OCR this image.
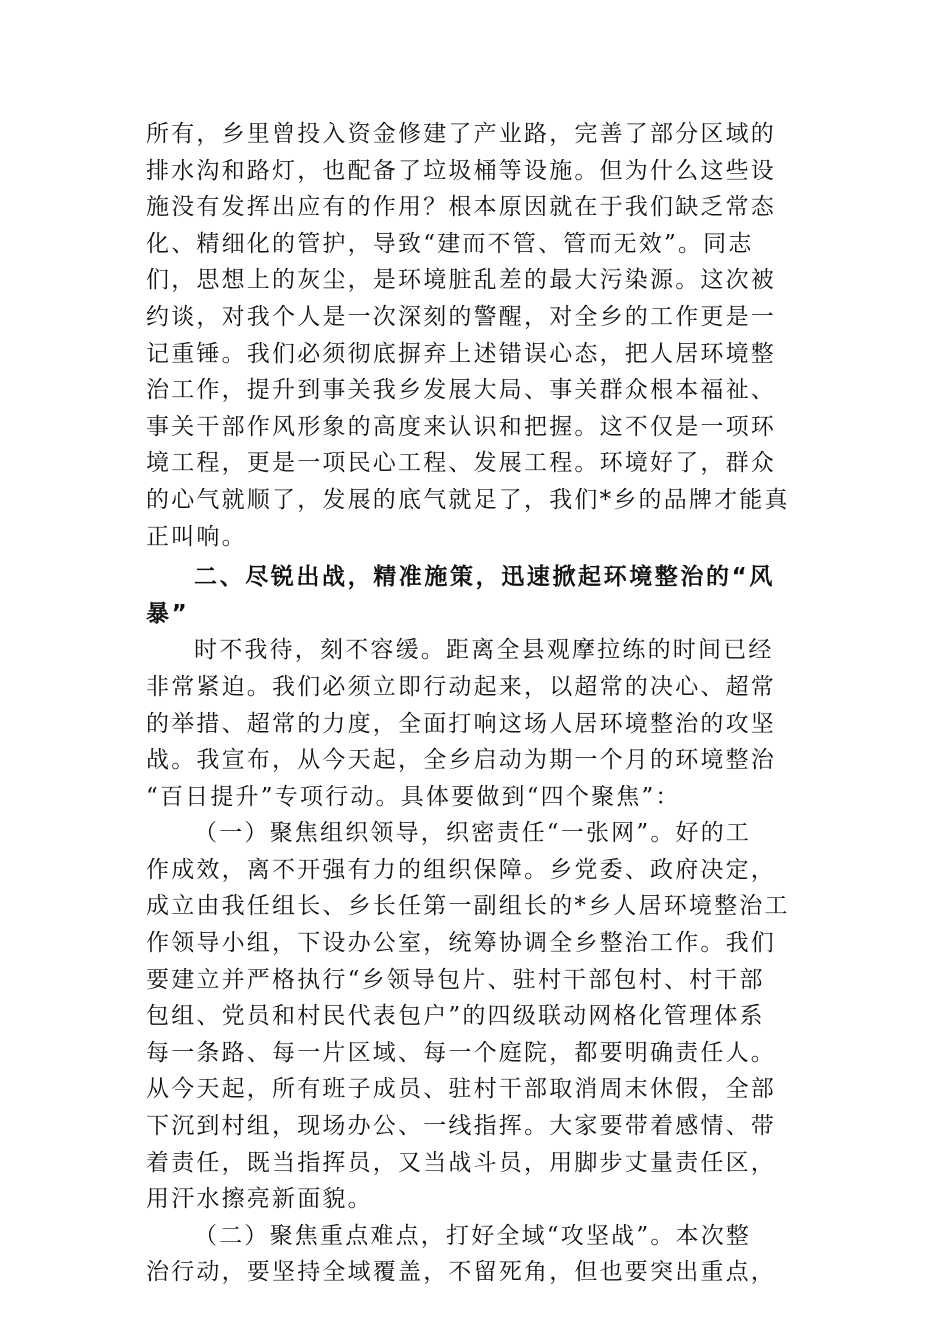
所有，乡里曾投入资金修建了产业路，完善了部分区域的
排水沟和路灯，也配备了垃圾桶等设施。但为什么这些设
施没有发挥出应有的作用？根本原因就在于我们缺乏常态
化、精细化的管护，导致“建而不管、管而无效”。同志
们，思想上的灰尘，是环境脏乱差的最大污染源。这次被
约谈，对我个人是一次深刻的警醒，对全乡的工作更是一
记重锤。我们必须彻底摒弃上述错误心态，把人居环境整
治工作，提升到事关我乡发展大局、事关群众根本福祉、
事关干部作风形象的高度来认识和把握。这不仅是一项环
境工程，更是一项民心工程、发展工程。环境好了，群众
的心气就顺了，发展的底气就足了，我们*乡的品牌才能真
正叫响。
二、尽锐出战，精准施策，迅速掀起环境整治的“风
暴”
时不我待，刻不容缓。距离全县观摩拉练的时间已经
非常紧迫。我们必须立即行动起来，以超常的决心、超常
的举措、超常的力度，全面打响这场人居环境整治的攻坚
战。我宣布，从今天起，全乡启动为期一个月的环境整治
“百日提升”专项行动。具体要做到“四个聚焦”：
（一）聚焦组织领导，织密责任“一张网”。好的工
作成效，离不开强有力的组织保障。乡党委、政府决定，
成立由我任组长、乡长任第一副组长的*乡人居环境整治工
作领导小组，下设办公室，统筹协调全乡整治工作。我们
要建立并严格执行“乡领导包片、驻村干部包村、村干部
包组、党员和村民代表包户”的四级联动网格化管理体系
每一条路、每一片区域、每一个庭院，都要明确责任人。
从今天起，所有班子成员、驻村干部取消周末休假，全部
下沉到村组，现场办公、一线指挥。大家要带着感情、带
着责任，既当指挥员，又当战斗员，用脚步丈量责任区，
用汗水擦亮新面貌。
（二）聚焦重点难点，打好全域“攻坚战”。本次整
治行动，要坚持全域覆盖，不留死角，但也要突出重点，
